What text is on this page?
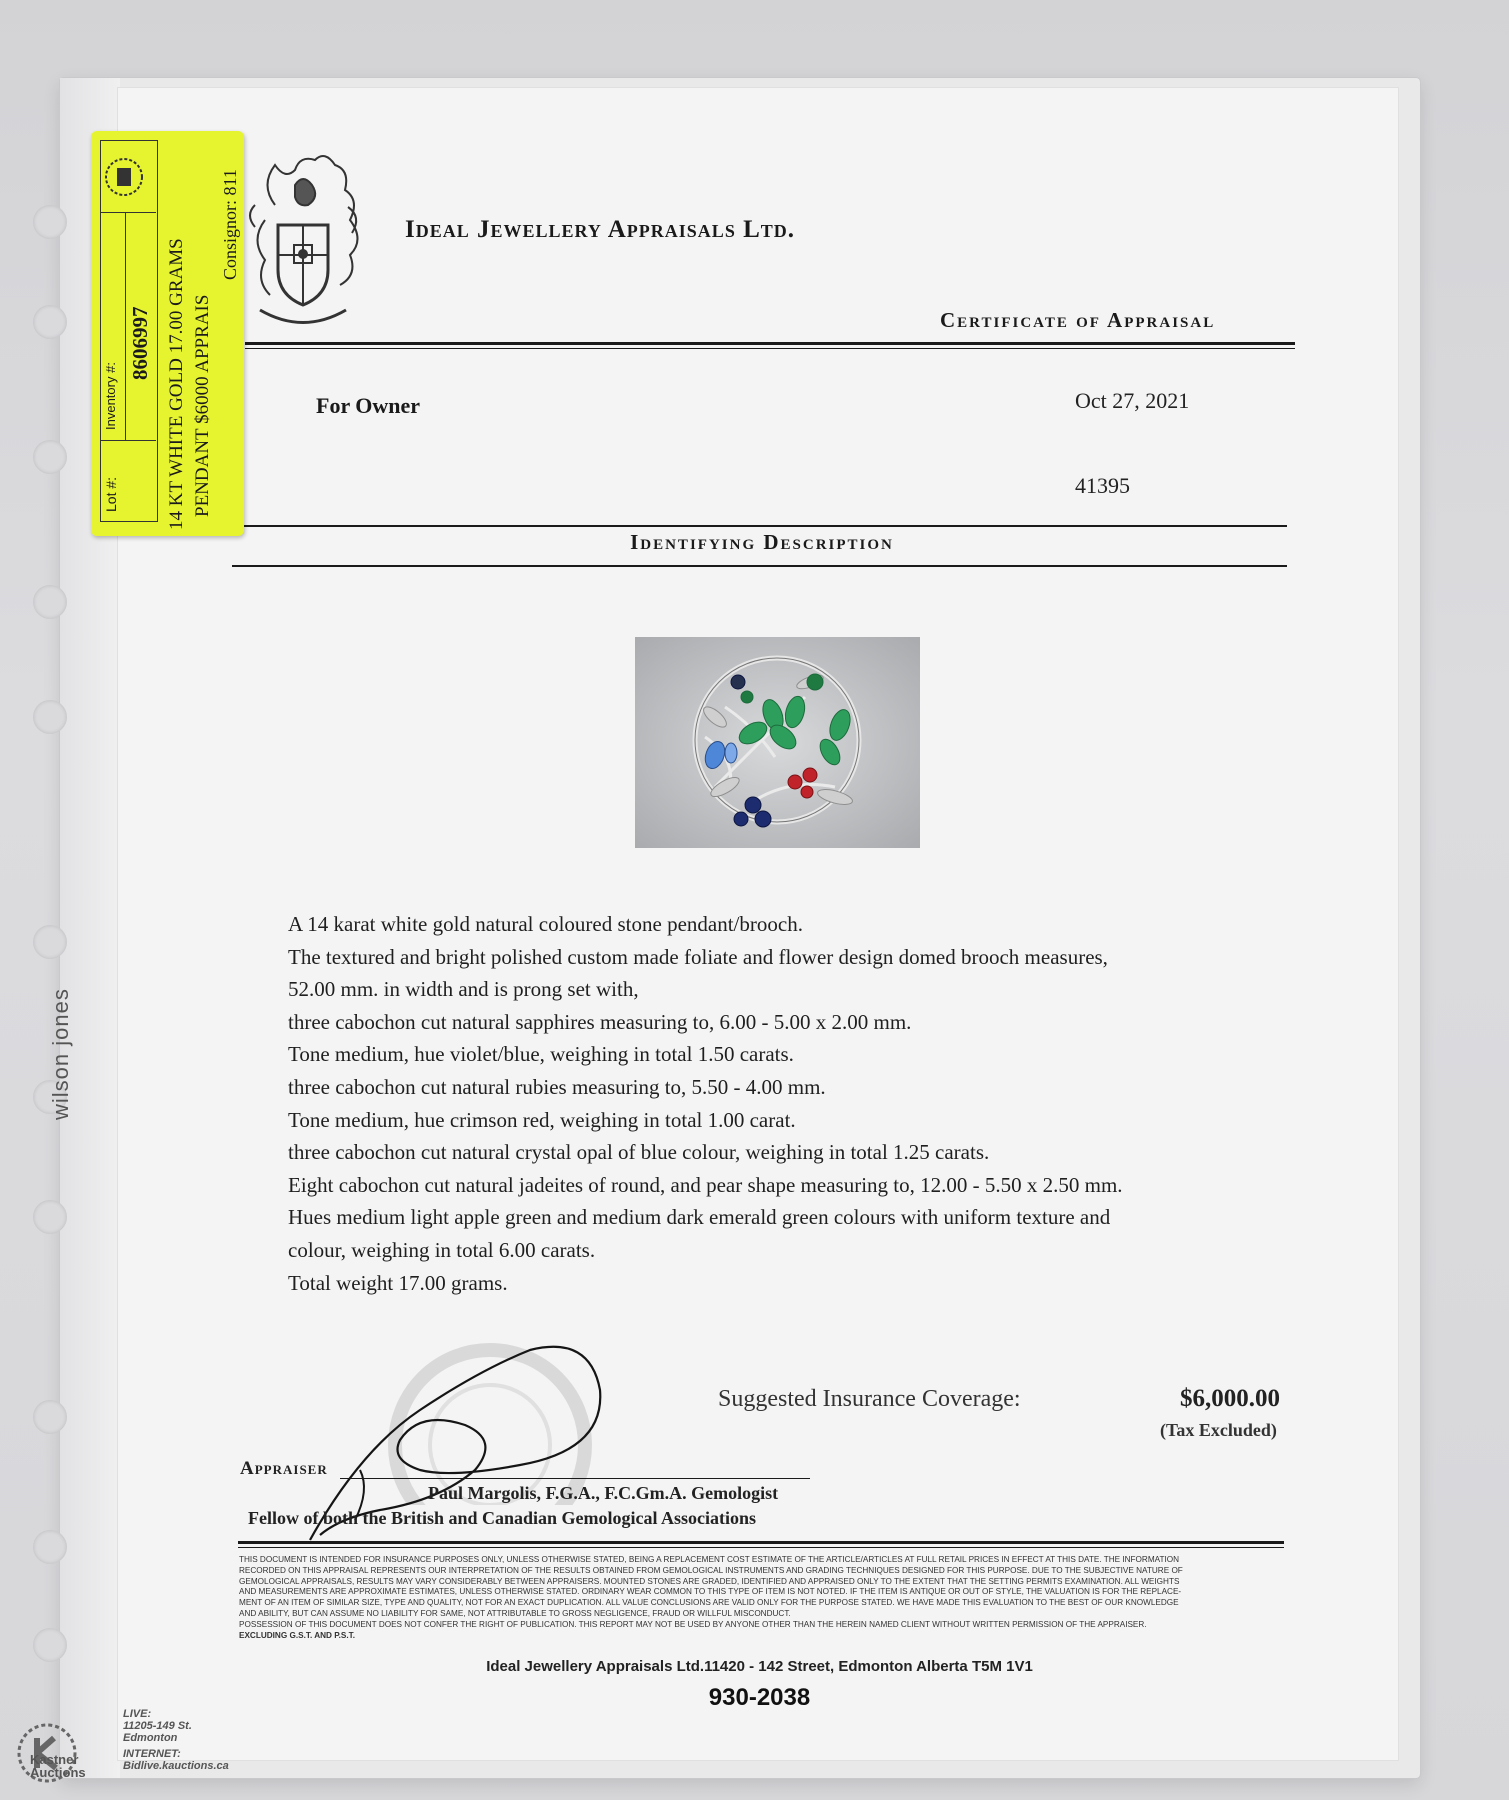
wilson jones
Ideal Jewellery Appraisals Ltd.
Certificate of Appraisal
For Owner	Oct 27, 2021
41395
Identifying Description
A 14 karat white gold natural coloured stone pendant/brooch.
The textured and bright polished custom made foliate and flower design domed brooch measures,
52.00 mm. in width and is prong set with,
three cabochon cut natural sapphires measuring to, 6.00 - 5.00 x 2.00 mm.
Tone medium, hue violet/blue, weighing in total 1.50 carats.
three cabochon cut natural rubies measuring to, 5.50 - 4.00 mm.
Tone medium, hue crimson red, weighing in total 1.00 carat.
three cabochon cut natural crystal opal of blue colour, weighing in total 1.25 carats.
Eight cabochon cut natural jadeites of round, and pear shape measuring to, 12.00 - 5.50 x 2.50 mm.
Hues medium light apple green and medium dark emerald green colours with uniform texture and
colour, weighing in total 6.00 carats.
Total weight 17.00 grams.
Suggested Insurance Coverage:	$6,000.00
(Tax Excluded)
Appraiser
Paul Margolis, F.G.A., F.C.Gm.A. Gemologist
Fellow of both the British and Canadian Gemological Associations
THIS DOCUMENT IS INTENDED FOR INSURANCE PURPOSES ONLY, UNLESS OTHERWISE STATED, BEING A REPLACEMENT COST ESTIMATE OF THE ARTICLE/ARTICLES AT FULL RETAIL PRICES IN EFFECT AT THIS DATE. THE INFORMATION
RECORDED ON THIS APPRAISAL REPRESENTS OUR INTERPRETATION OF THE RESULTS OBTAINED FROM GEMOLOGICAL INSTRUMENTS AND GRADING TECHNIQUES DESIGNED FOR THIS PURPOSE. DUE TO THE SUBJECTIVE NATURE OF
GEMOLOGICAL APPRAISALS, RESULTS MAY VARY CONSIDERABLY BETWEEN APPRAISERS. MOUNTED STONES ARE GRADED, IDENTIFIED AND APPRAISED ONLY TO THE EXTENT THAT THE SETTING PERMITS EXAMINATION. ALL WEIGHTS
AND MEASUREMENTS ARE APPROXIMATE ESTIMATES, UNLESS OTHERWISE STATED. ORDINARY WEAR COMMON TO THIS TYPE OF ITEM IS NOT NOTED. IF THE ITEM IS ANTIQUE OR OUT OF STYLE, THE VALUATION IS FOR THE REPLACE-
MENT OF AN ITEM OF SIMILAR SIZE, TYPE AND QUALITY, NOT FOR AN EXACT DUPLICATION. ALL VALUE CONCLUSIONS ARE VALID ONLY FOR THE PURPOSE STATED. WE HAVE MADE THIS EVALUATION TO THE BEST OF OUR KNOWLEDGE
AND ABILITY, BUT CAN ASSUME NO LIABILITY FOR SAME, NOT ATTRIBUTABLE TO GROSS NEGLIGENCE, FRAUD OR WILLFUL MISCONDUCT.
POSSESSION OF THIS DOCUMENT DOES NOT CONFER THE RIGHT OF PUBLICATION. THIS REPORT MAY NOT BE USED BY ANYONE OTHER THAN THE HEREIN NAMED CLIENT WITHOUT WRITTEN PERMISSION OF THE APPRAISER.
EXCLUDING G.S.T. AND P.S.T.
Ideal Jewellery Appraisals Ltd.11420 - 142 Street, Edmonton Alberta T5M 1V1
930-2038
Lot #:
Inventory #:
8606997 14 KT WHITE GOLD 17.00 GRAMS PENDANT $6000 APPRAIS
Consignor: 811
Kastner
Auctions
LIVE:
11205-149 St.
Edmonton
INTERNET:
Bidlive.kauctions.ca
